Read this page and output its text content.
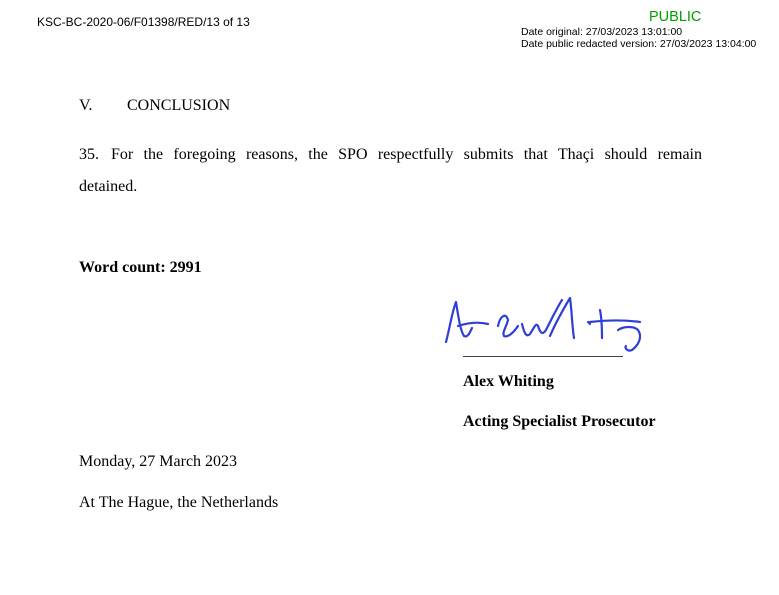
KSC-BC-2020-06/F01398/RED/13 of 13	PUBLIC
Date original: 27/03/2023 13:01:00
Date public redacted version: 27/03/2023 13:04:00
V. CONCLUSION
35. For the foregoing reasons, the SPO respectfully submits that Thaçi should remain
detained.
Word count: 2991
Alex Whiting
Acting Specialist Prosecutor
Monday, 27 March 2023
At The Hague, the Netherlands
